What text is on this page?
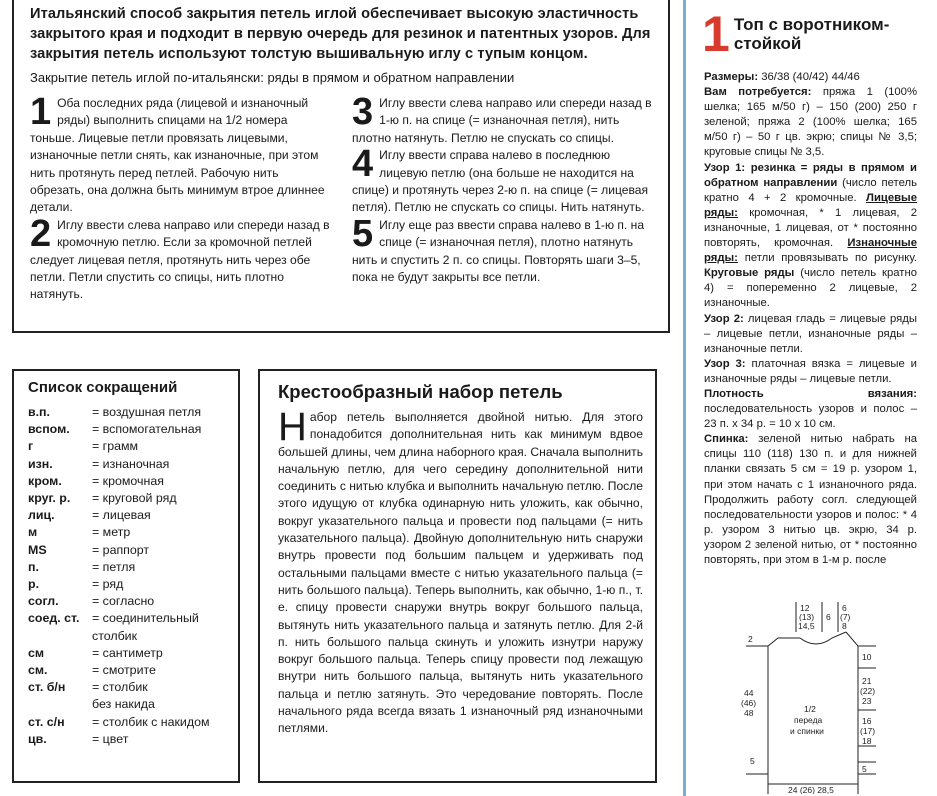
Итальянский способ закрытия петель иглой обеспечивает высокую эластичность закрытого края и подходит в первую очередь для резинок и патентных узоров. Для закрытия петель используют толстую вышивальную иглу с тупым концом.

Закрытие петель иглой по-итальянски: ряды в прямом и обратном направлении

1 Оба последних ряда (лицевой и изнаночный ряды) выполнить спицами на 1/2 номера тоньше. Лицевые петли провязать лицевыми, изнаночные петли снять, как изнаночные, при этом нить протянуть перед петлей. Рабочую нить обрезать, она должна быть минимум втрое длиннее детали.
2 Иглу ввести слева направо или спереди назад в кромочную петлю. Если за кромочной петлей следует лицевая петля, протянуть нить через обе петли. Петли спустить со спицы, нить плотно натянуть.
3 Иглу ввести слева направо или спереди назад в 1-ю п. на спице (= изнаночная петля), нить плотно натянуть. Петлю не спускать со спицы.
4 Иглу ввести справа налево в последнюю лицевую петлю (она больше не находится на спице) и протянуть через 2-ю п. на спице (= лицевая петля). Петлю не спускать со спицы. Нить натянуть.
5 Иглу еще раз ввести справа налево в 1-ю п. на спице (= изнаночная петля), плотно натянуть нить и спустить 2 п. со спицы. Повторять шаги 3–5, пока не будут закрыты все петли.
Список сокращений
в.п.	= воздушная петля
вспом.	= вспомогательная
г	= грамм
изн.	= изнаночная
кром.	= кромочная
круг. р.	= круговой ряд
лиц.	= лицевая
м	= метр
MS	= раппорт
п.	= петля
р.	= ряд
согл.	= согласно
соед. ст.	= соединительный
столбик
см	= сантиметр
см.	= смотрите
ст. б/н	= столбик
без накида
ст. с/н	= столбик с накидом
цв.	= цвет
Крестообразный набор петель
Н абор петель выполняется двойной нитью. Для этого понадобится дополнительная нить как минимум вдвое большей длины, чем длина наборного края. Сначала выполнить начальную петлю, для чего середину дополнительной нити соединить с нитью клубка и выполнить начальную петлю. После этого идущую от клубка одинарную нить уложить, как обычно, вокруг указательного пальца и провести под пальцами (= нить указательного пальца). Двойную дополнительную нить снаружи внутрь провести под большим пальцем и удерживать под остальными пальцами вместе с нитью указательного пальца (= нить большого пальца). Теперь выполнить, как обычно, 1-ю п., т. е. спицу провести снаружи внутрь вокруг большого пальца, вытянуть нить указательного пальца и затянуть петлю. Для 2-й п. нить большого пальца скинуть и уложить изнутри наружу вокруг большого пальца. Теперь спицу провести под лежащую внутри нить большого пальца, вытянуть нить указательного пальца и петлю затянуть. Это чередование повторять. После начального ряда всегда вязать 1 изнаночный ряд изнаночными петлями.
1 Топ с воротником-стойкой
Размеры: 36/38 (40/42) 44/46
Вам потребуется: пряжа 1 (100% шелка; 165 м/50 г) – 150 (200) 250 г зеленой; пряжа 2 (100% шелка; 165 м/50 г) – 50 г цв. экрю; спицы № 3,5; круговые спицы № 3,5.
Узор 1: резинка = ряды в прямом и обратном направлении (число петель кратно 4 + 2 кромочные. Лицевые ряды: кромочная, * 1 лицевая, 2 изнаночные, 1 лицевая, от * постоянно повторять, кромочная. Изнаночные ряды: петли провязывать по рисунку. Круговые ряды (число петель кратно 4) = попеременно 2 лицевые, 2 изнаночные.
Узор 2: лицевая гладь = лицевые ряды – лицевые петли, изнаночные ряды – изнаночные петли.
Узор 3: платочная вязка = лицевые и изнаночные ряды – лицевые петли.
Плотность вязания: последовательность узоров и полос – 23 п. х 34 р. = 10 х 10 см.
Спинка: зеленой нитью набрать на спицы 110 (118) 130 п. и для нижней планки связать 5 см = 19 р. узором 1, при этом начать с 1 изнаночного ряда. Продолжить работу согл. следующей последовательности узоров и полос: * 4 р. узором 3 нитью цв. экрю, 34 р. узором 2 зеленой нитью, от * постоянно повторять, при этом в 1-м р. после
12
(13)
14,5
6
6
(7)
8
2
44
(46)
48
10
21
(22)
23
16
(17)
18
5
5
1/2
переда
и спинки
24 (26) 28,5
